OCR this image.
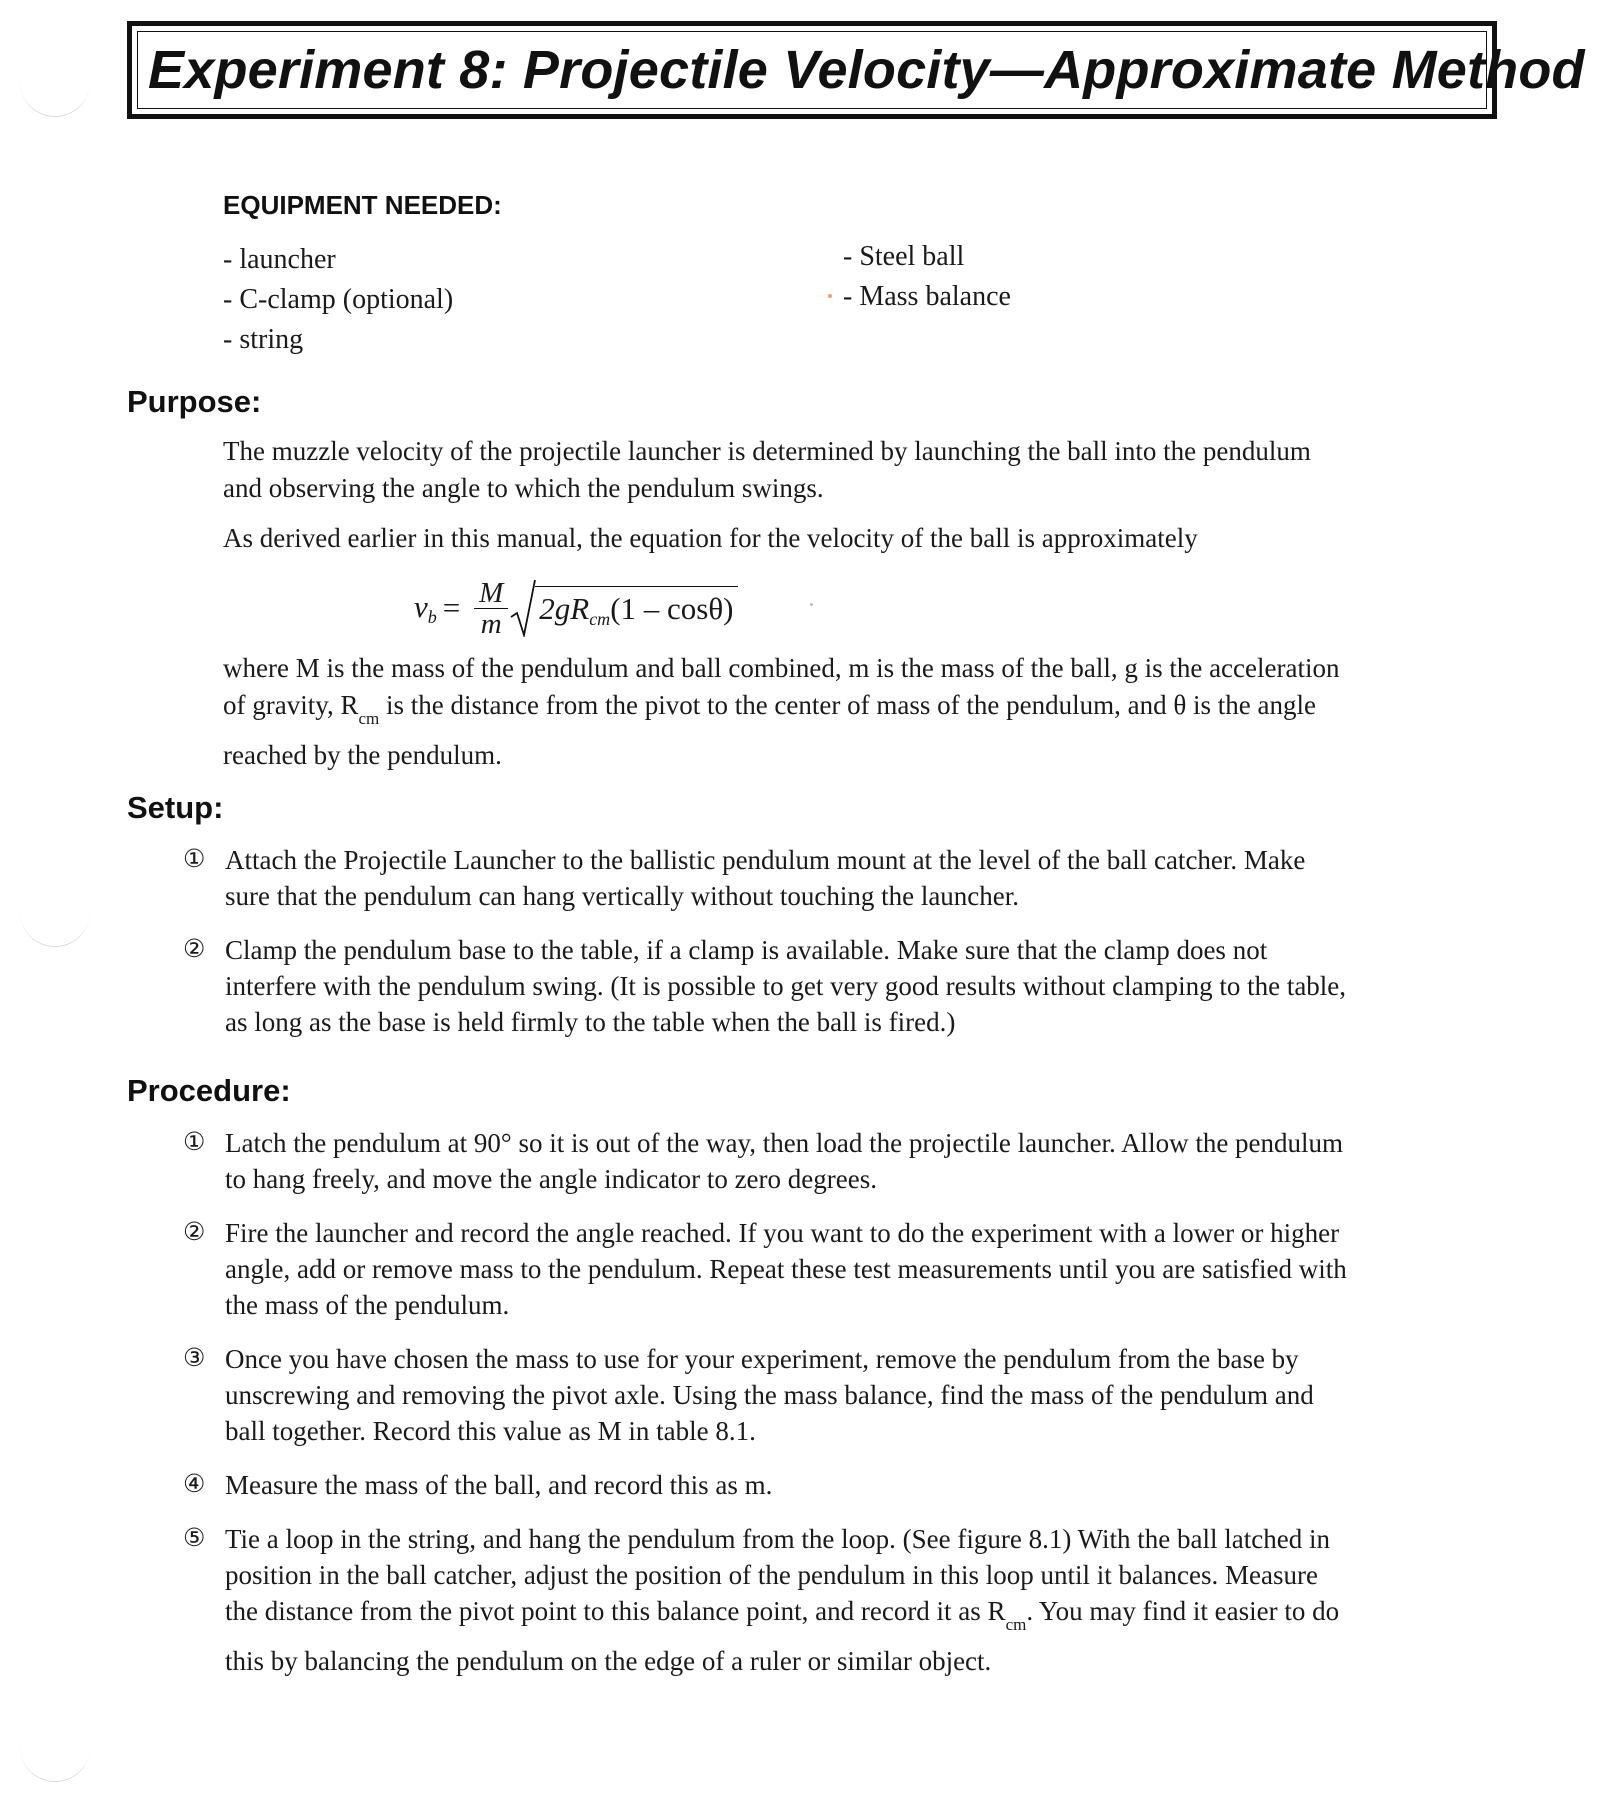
Experiment 8: Projectile Velocity—Approximate Method
EQUIPMENT NEEDED:
- launcher
- C-clamp (optional)
- string
- Steel ball
- Mass balance
Purpose:
The muzzle velocity of the projectile launcher is determined by launching the ball into the pendulum and observing the angle to which the pendulum swings.
As derived earlier in this manual, the equation for the velocity of the ball is approximately
$v_b = \frac{M}{m} 2gR_{cm}(1 - \cos\theta)$
where M is the mass of the pendulum and ball combined, m is the mass of the ball, g is the acceleration of gravity, $R_{cm}$ is the distance from the pivot to the center of mass of the pendulum, and θ is the angle reached by the pendulum.
Setup:
① Attach the Projectile Launcher to the ballistic pendulum mount at the level of the ball catcher. Make sure that the pendulum can hang vertically without touching the launcher.
② Clamp the pendulum base to the table, if a clamp is available. Make sure that the clamp does not interfere with the pendulum swing. (It is possible to get very good results without clamping to the table, as long as the base is held firmly to the table when the ball is fired.)
Procedure:
① Latch the pendulum at 90° so it is out of the way, then load the projectile launcher. Allow the pendulum to hang freely, and move the angle indicator to zero degrees.
② Fire the launcher and record the angle reached. If you want to do the experiment with a lower or higher angle, add or remove mass to the pendulum. Repeat these test measurements until you are satisfied with the mass of the pendulum.
③ Once you have chosen the mass to use for your experiment, remove the pendulum from the base by unscrewing and removing the pivot axle. Using the mass balance, find the mass of the pendulum and ball together. Record this value as M in table 8.1.
④ Measure the mass of the ball, and record this as m.
⑤ Tie a loop in the string, and hang the pendulum from the loop. (See figure 8.1) With the ball latched in position in the ball catcher, adjust the position of the pendulum in this loop until it balances. Measure the distance from the pivot point to this balance point, and record it as $R_{cm}$. You may find it easier to do this by balancing the pendulum on the edge of a ruler or similar object.
